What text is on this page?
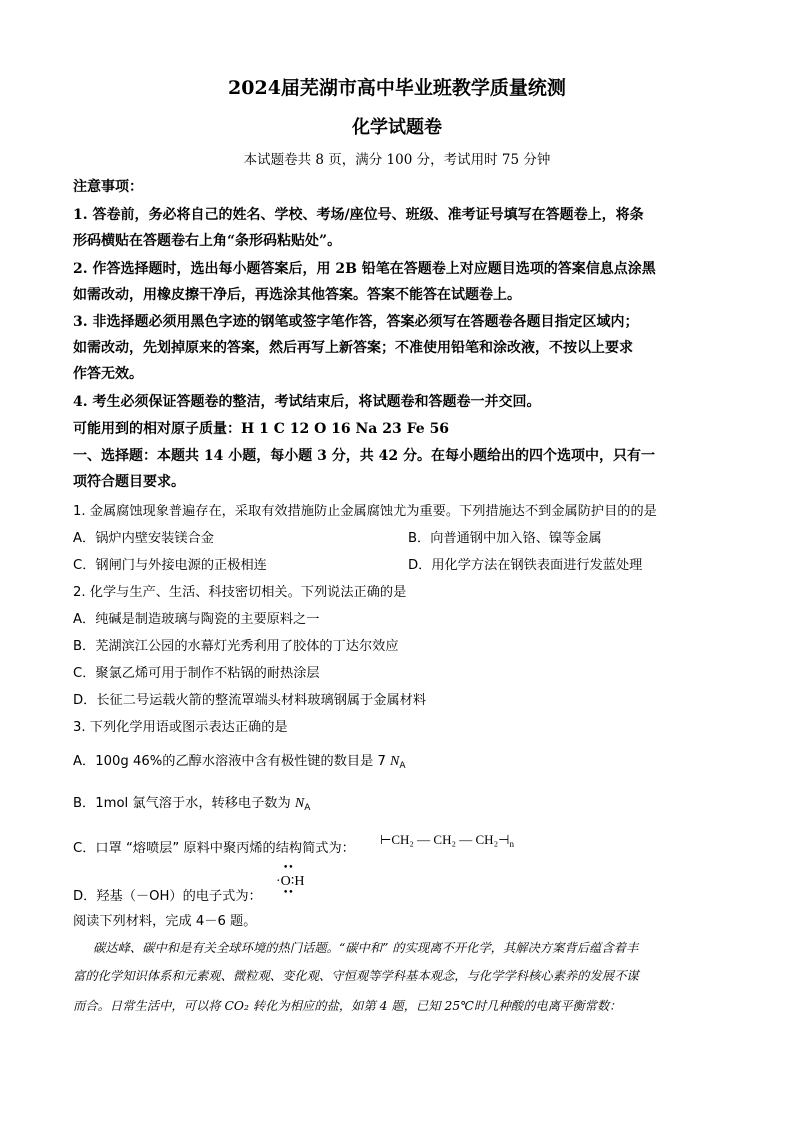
2024届芜湖市高中毕业班教学质量统测
化学试题卷
本试题卷共 8 页，满分 100 分，考试用时 75 分钟
注意事项：
1. 答卷前，务必将自己的姓名、学校、考场/座位号、班级、准考证号填写在答题卷上，将条
形码横贴在答题卷右上角“条形码粘贴处”。
2. 作答选择题时，选出每小题答案后，用 2B 铅笔在答题卷上对应题目选项的答案信息点涂黑
如需改动，用橡皮擦干净后，再选涂其他答案。答案不能答在试题卷上。
3. 非选择题必须用黑色字迹的钢笔或签字笔作答，答案必须写在答题卷各题目指定区域内；
如需改动，先划掉原来的答案，然后再写上新答案；不准使用铅笔和涂改液，不按以上要求
作答无效。
4. 考生必须保证答题卷的整洁，考试结束后，将试题卷和答题卷一并交回。
可能用到的相对原子质量：H 1 C 12 O 16 Na 23 Fe 56
一、选择题：本题共 14 小题，每小题 3 分，共 42 分。在每小题给出的四个选项中，只有一
项符合题目要求。
1. 金属腐蚀现象普遍存在，采取有效措施防止金属腐蚀尤为重要。下列措施达不到金属防护目的的是
A．锅炉内壁安装镁合金	B．向普通钢中加入铬、镍等金属
C．钢闸门与外接电源的正极相连	D．用化学方法在钢铁表面进行发蓝处理
2. 化学与生产、生活、科技密切相关。下列说法正确的是
A．纯碱是制造玻璃与陶瓷的主要原料之一
B．芜湖滨江公园的水幕灯光秀利用了胶体的丁达尔效应
C．聚氯乙烯可用于制作不粘锅的耐热涂层
D．长征二号运载火箭的整流罩端头材料玻璃钢属于金属材料
3. 下列化学用语或图示表达正确的是
A．100g 46%的乙醇水溶液中含有极性键的数目是 7 $N_A$
B．1mol 氯气溶于水，转移电子数为 $N_A$
C．口罩 “熔喷层” 原料中聚丙烯的结构简式为：
⊢CH₂ — CH₂ — $CH_2⊣_n$
D．羟基（－OH）的电子式为：
••
·O∶H
••
阅读下列材料，完成 4－6 题。
碳达峰、碳中和是有关全球环境的热门话题。“碳中和” 的实现离不开化学，其解决方案背后蕴含着丰
富的化学知识体系和元素观、微粒观、变化观、守恒观等学科基本观念，与化学学科核心素养的发展不谋
而合。日常生活中，可以将 CO₂ 转化为相应的盐，如第 4 题，已知 25℃时几种酸的电离平衡常数：
